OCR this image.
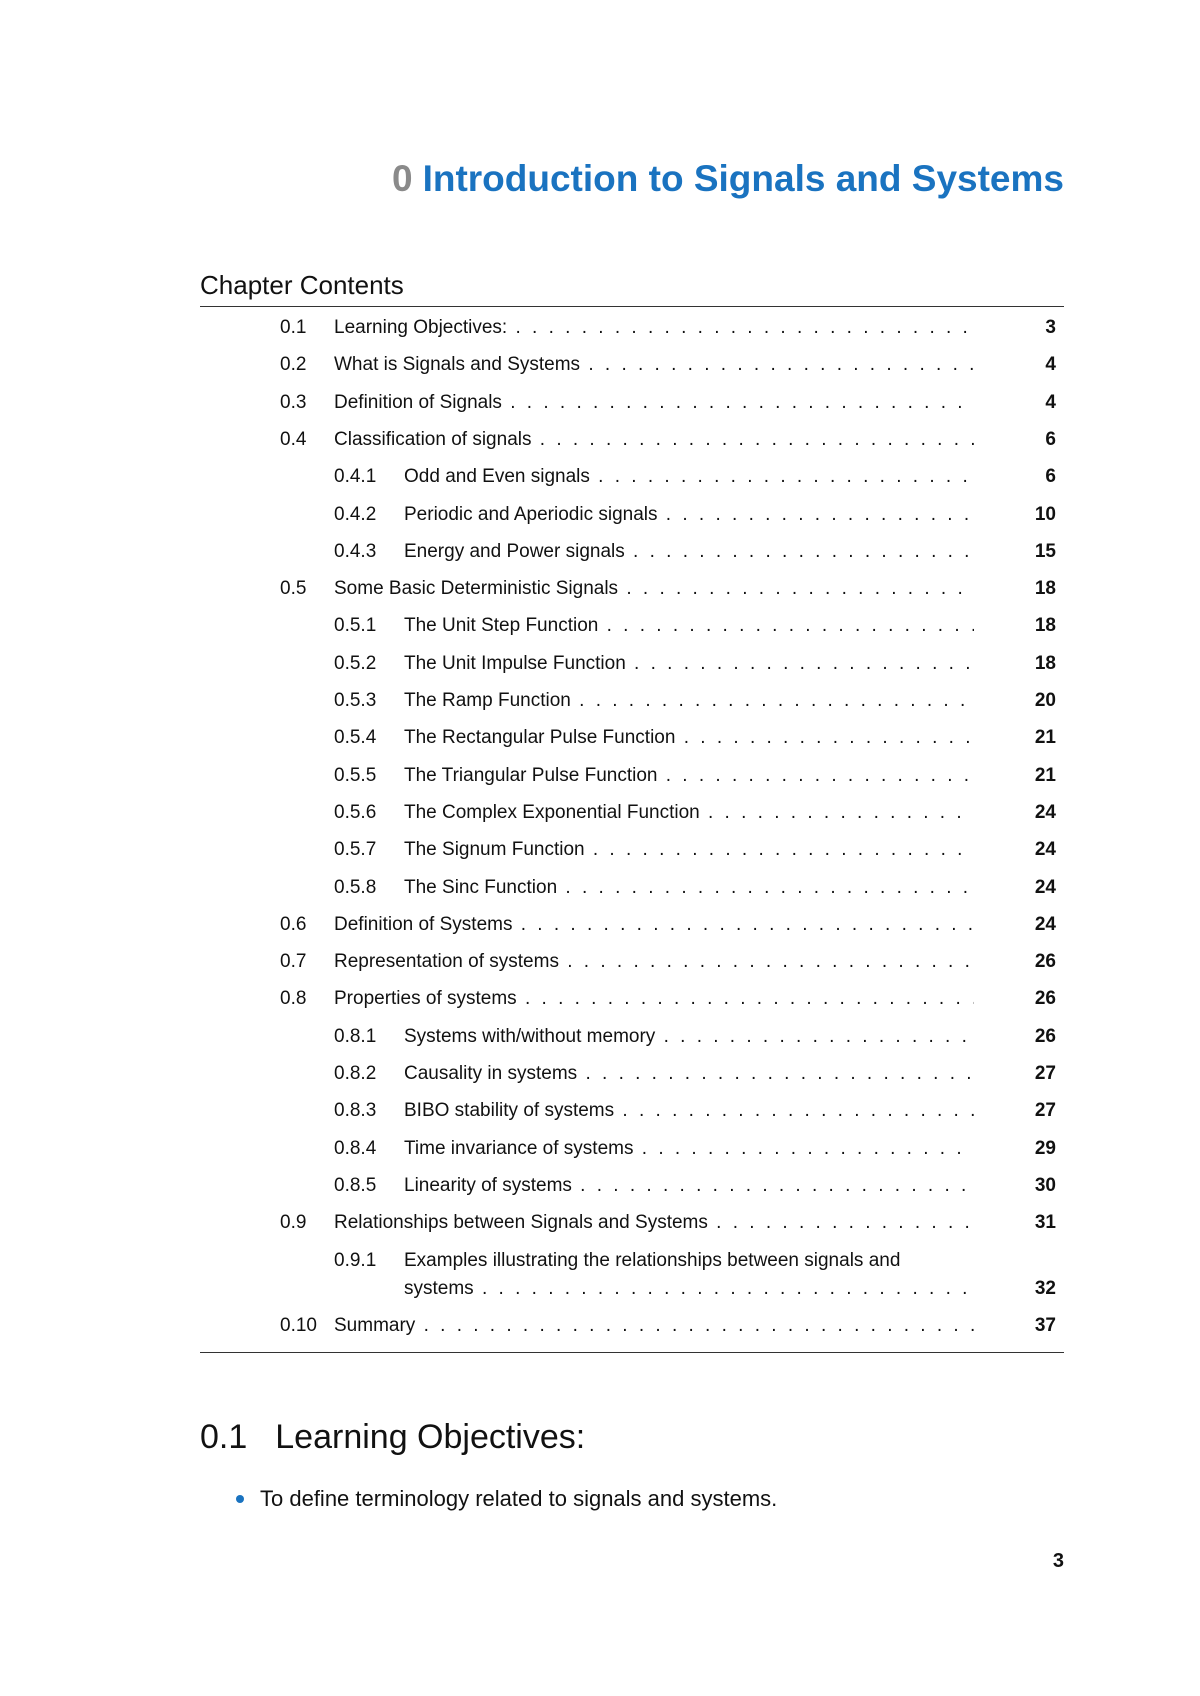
0 Introduction to Signals and Systems
Chapter Contents
0.1 Learning Objectives: . . .	3
0.2 What is Signals and Systems . . .	4
0.3 Definition of Signals . . .	4
0.4 Classification of signals . . .	6
0.4.1 Odd and Even signals . . .	6
0.4.2 Periodic and Aperiodic signals . . .	10
0.4.3 Energy and Power signals . . .	15
0.5 Some Basic Deterministic Signals . . .	18
0.5.1 The Unit Step Function . . .	18
0.5.2 The Unit Impulse Function . . .	18
0.5.3 The Ramp Function . . .	20
0.5.4 The Rectangular Pulse Function . . .	21
0.5.5 The Triangular Pulse Function . . .	21
0.5.6 The Complex Exponential Function . . .	24
0.5.7 The Signum Function . . .	24
0.5.8 The Sinc Function . . .	24
0.6 Definition of Systems . . .	24
0.7 Representation of systems . . .	26
0.8 Properties of systems . . .	26
0.8.1 Systems with/without memory . . .	26
0.8.2 Causality in systems . . .	27
0.8.3 BIBO stability of systems . . .	27
0.8.4 Time invariance of systems . . .	29
0.8.5 Linearity of systems . . .	30
0.9 Relationships between Signals and Systems . . .	31
0.9.1 Examples illustrating the relationships between signals and
systems . . .	32
0.10 Summary . . .	37
0.1 Learning Objectives:
To define terminology related to signals and systems.
3
